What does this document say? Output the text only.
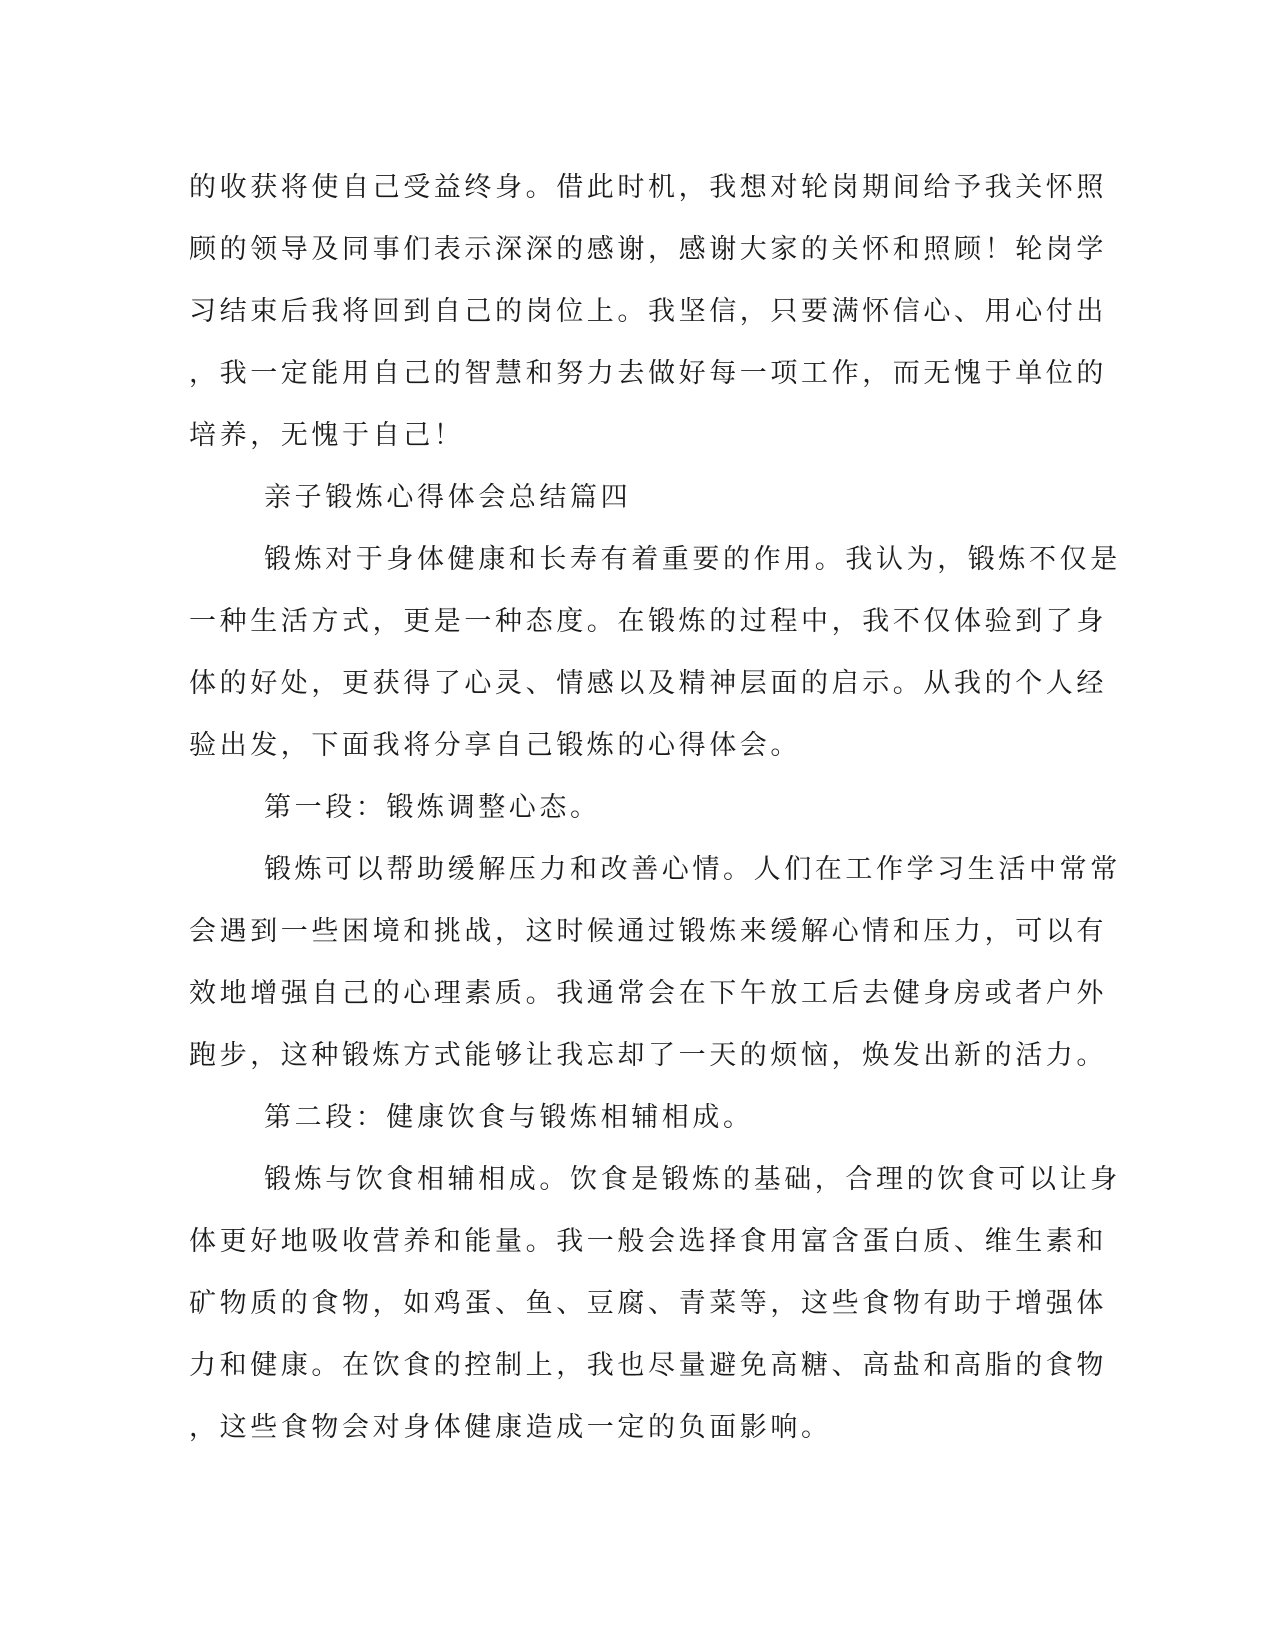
的收获将使自己受益终身。借此时机，我想对轮岗期间给予我关怀照
顾的领导及同事们表示深深的感谢，感谢大家的关怀和照顾！轮岗学
习结束后我将回到自己的岗位上。我坚信，只要满怀信心、用心付出
，我一定能用自己的智慧和努力去做好每一项工作，而无愧于单位的
培养，无愧于自己！
亲子锻炼心得体会总结篇四
锻炼对于身体健康和长寿有着重要的作用。我认为，锻炼不仅是
一种生活方式，更是一种态度。在锻炼的过程中，我不仅体验到了身
体的好处，更获得了心灵、情感以及精神层面的启示。从我的个人经
验出发，下面我将分享自己锻炼的心得体会。
第一段：锻炼调整心态。
锻炼可以帮助缓解压力和改善心情。人们在工作学习生活中常常
会遇到一些困境和挑战，这时候通过锻炼来缓解心情和压力，可以有
效地增强自己的心理素质。我通常会在下午放工后去健身房或者户外
跑步，这种锻炼方式能够让我忘却了一天的烦恼，焕发出新的活力。
第二段：健康饮食与锻炼相辅相成。
锻炼与饮食相辅相成。饮食是锻炼的基础，合理的饮食可以让身
体更好地吸收营养和能量。我一般会选择食用富含蛋白质、维生素和
矿物质的食物，如鸡蛋、鱼、豆腐、青菜等，这些食物有助于增强体
力和健康。在饮食的控制上，我也尽量避免高糖、高盐和高脂的食物
，这些食物会对身体健康造成一定的负面影响。
